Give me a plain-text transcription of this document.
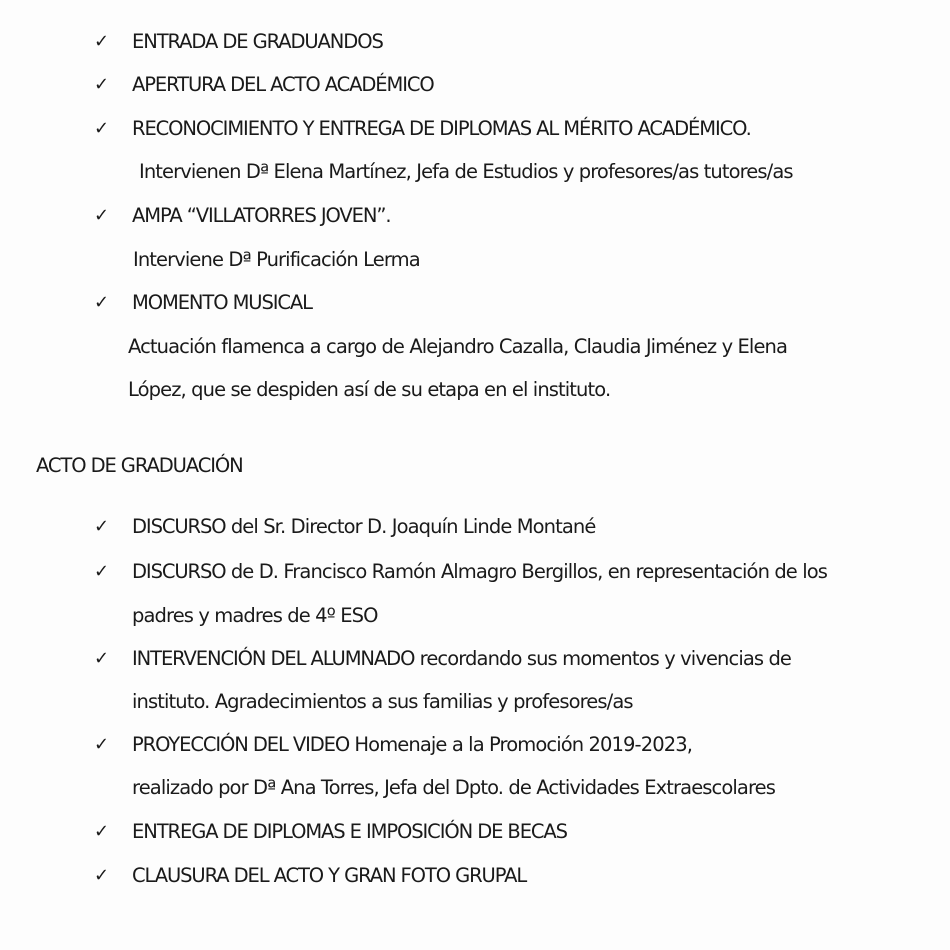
✓ ENTRADA DE GRADUANDOS
✓ APERTURA DEL ACTO ACADÉMICO
✓ RECONOCIMIENTO Y ENTREGA DE DIPLOMAS AL MÉRITO ACADÉMICO.
Intervienen Dª Elena Martínez, Jefa de Estudios y profesores/as tutores/as
✓ AMPA “VILLATORRES JOVEN”.
Interviene Dª Purificación Lerma
✓ MOMENTO MUSICAL
Actuación flamenca a cargo de Alejandro Cazalla, Claudia Jiménez y Elena
López, que se despiden así de su etapa en el instituto.
ACTO DE GRADUACIÓN
✓ DISCURSO del Sr. Director D. Joaquín Linde Montané
✓ DISCURSO de D. Francisco Ramón Almagro Bergillos, en representación de los
padres y madres de 4º ESO
✓ INTERVENCIÓN DEL ALUMNADO recordando sus momentos y vivencias de
instituto. Agradecimientos a sus familias y profesores/as
✓ PROYECCIÓN DEL VIDEO Homenaje a la Promoción 2019-2023,
realizado por Dª Ana Torres, Jefa del Dpto. de Actividades Extraescolares
✓ ENTREGA DE DIPLOMAS E IMPOSICIÓN DE BECAS
✓ CLAUSURA DEL ACTO Y GRAN FOTO GRUPAL
